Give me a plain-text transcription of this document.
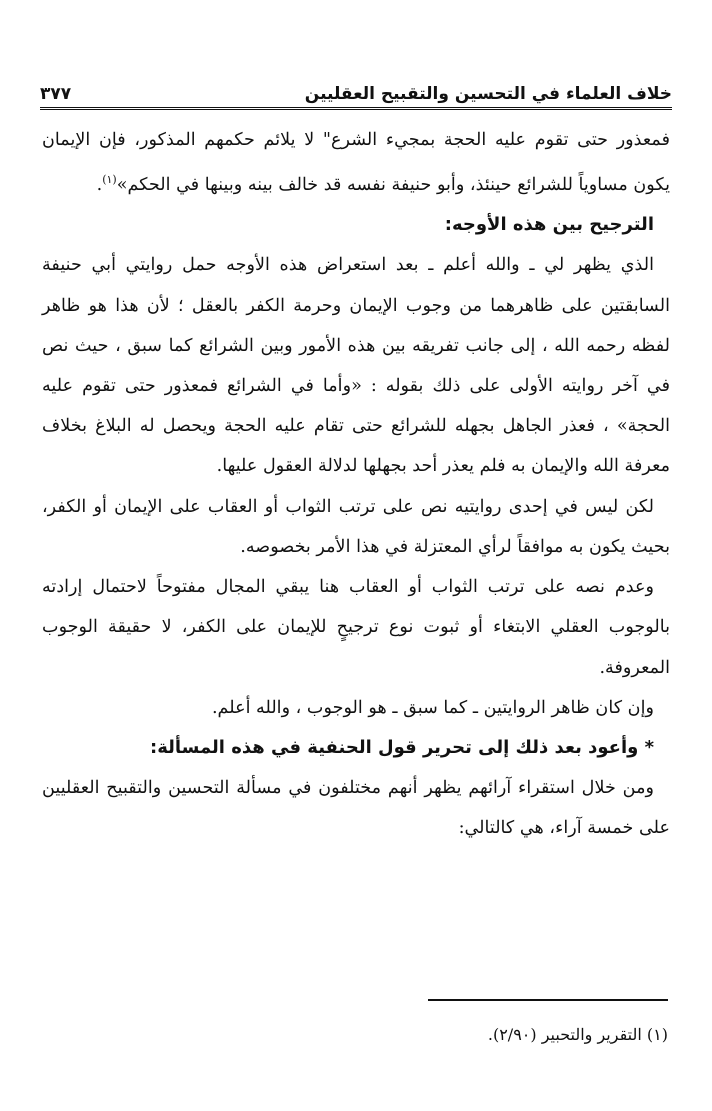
خلاف العلماء في التحسين والتقبيح العقليين
٣٧٧

فمعذور حتى تقوم عليه الحجة بمجيء الشرع" لا يلائم حكمهم المذكور، فإن الإيمان يكون مساوياً للشرائع حينئذ، وأبو حنيفة نفسه قد خالف بينه وبينها في الحكم»$^{(١)}$.

الترجيح بين هذه الأوجه:

الذي يظهر لي ـ والله أعلم ـ بعد استعراض هذه الأوجه حمل روايتي أبي حنيفة السابقتين على ظاهرهما من وجوب الإيمان وحرمة الكفر بالعقل ؛ لأن هذا هو ظاهر لفظه رحمه الله ، إلى جانب تفريقه بين هذه الأمور وبين الشرائع كما سبق ، حيث نص في آخر روايته الأولى على ذلك بقوله : «وأما في الشرائع فمعذور حتى تقوم عليه الحجة» ، فعذر الجاهل بجهله للشرائع حتى تقام عليه الحجة ويحصل له البلاغ بخلاف معرفة الله والإيمان به فلم يعذر أحد بجهلها لدلالة العقول عليها.

لكن ليس في إحدى روايتيه نص على ترتب الثواب أو العقاب على الإيمان أو الكفر، بحيث يكون به موافقاً لرأي المعتزلة في هذا الأمر بخصوصه.

وعدم نصه على ترتب الثواب أو العقاب هنا يبقي المجال مفتوحاً لاحتمال إرادته بالوجوب العقلي الابتغاء أو ثبوت نوع ترجيحٍ للإيمان على الكفر، لا حقيقة الوجوب المعروفة.

وإن كان ظاهر الروايتين ـ كما سبق ـ هو الوجوب ، والله أعلم.

* وأعود بعد ذلك إلى تحرير قول الحنفية في هذه المسألة:

ومن خلال استقراء آرائهم يظهر أنهم مختلفون في مسألة التحسين والتقبيح العقليين على خمسة آراء، هي كالتالي:

(١) التقرير والتحبير (٢/٩٠).
